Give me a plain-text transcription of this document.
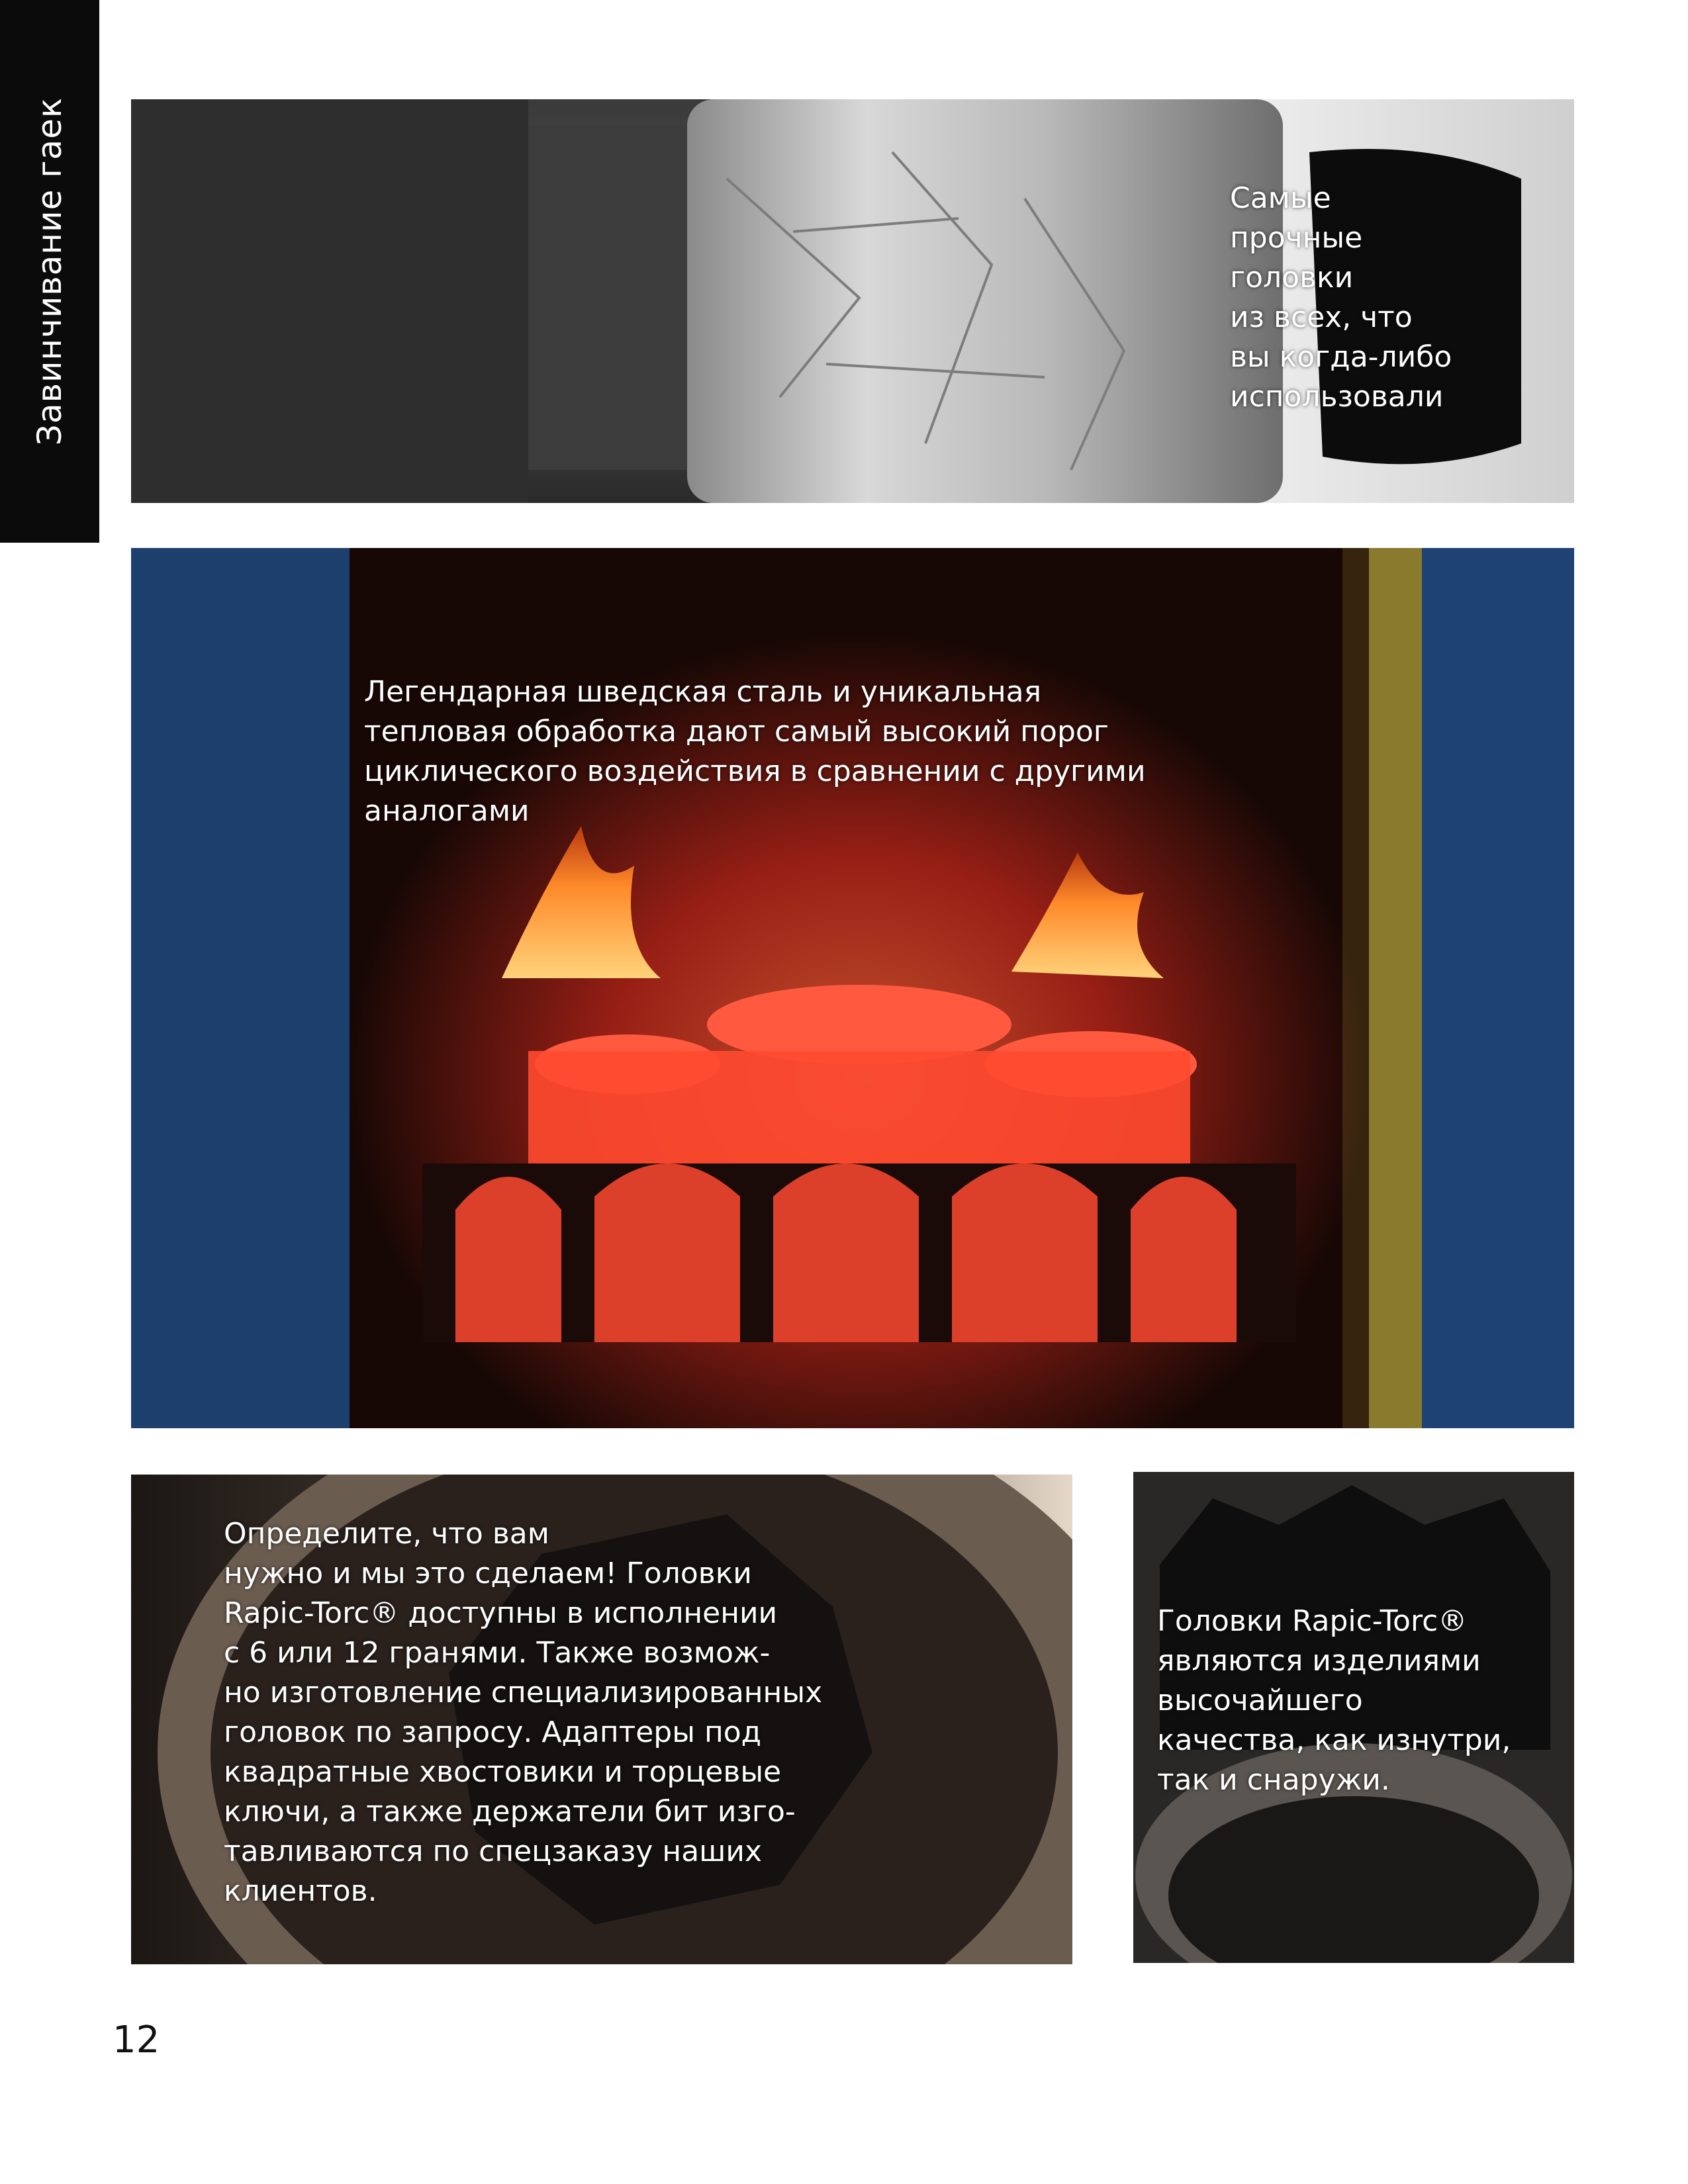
Завинчивание гаек	Самые
прочные
головки
из всех, что
вы когда-либо
использовали
Легендарная шведская сталь и уникальная
тепловая обработка дают самый высокий порог
циклического воздействия в сравнении с другими
аналогами
Определите, что вам
нужно и мы это сделаем! Головки
Rapic-Torc® доступны в исполнении
с 6 или 12 гранями. Также возмож-
но изготовление специализированных
головок по запросу. Адаптеры под
квадратные хвостовики и торцевые
ключи, а также держатели бит изго-
тавливаются по спецзаказу наших
клиентов.
Головки Rapic-Torc®
являются изделиями
высочайшего
качества, как изнутри,
так и снаружи.
12
